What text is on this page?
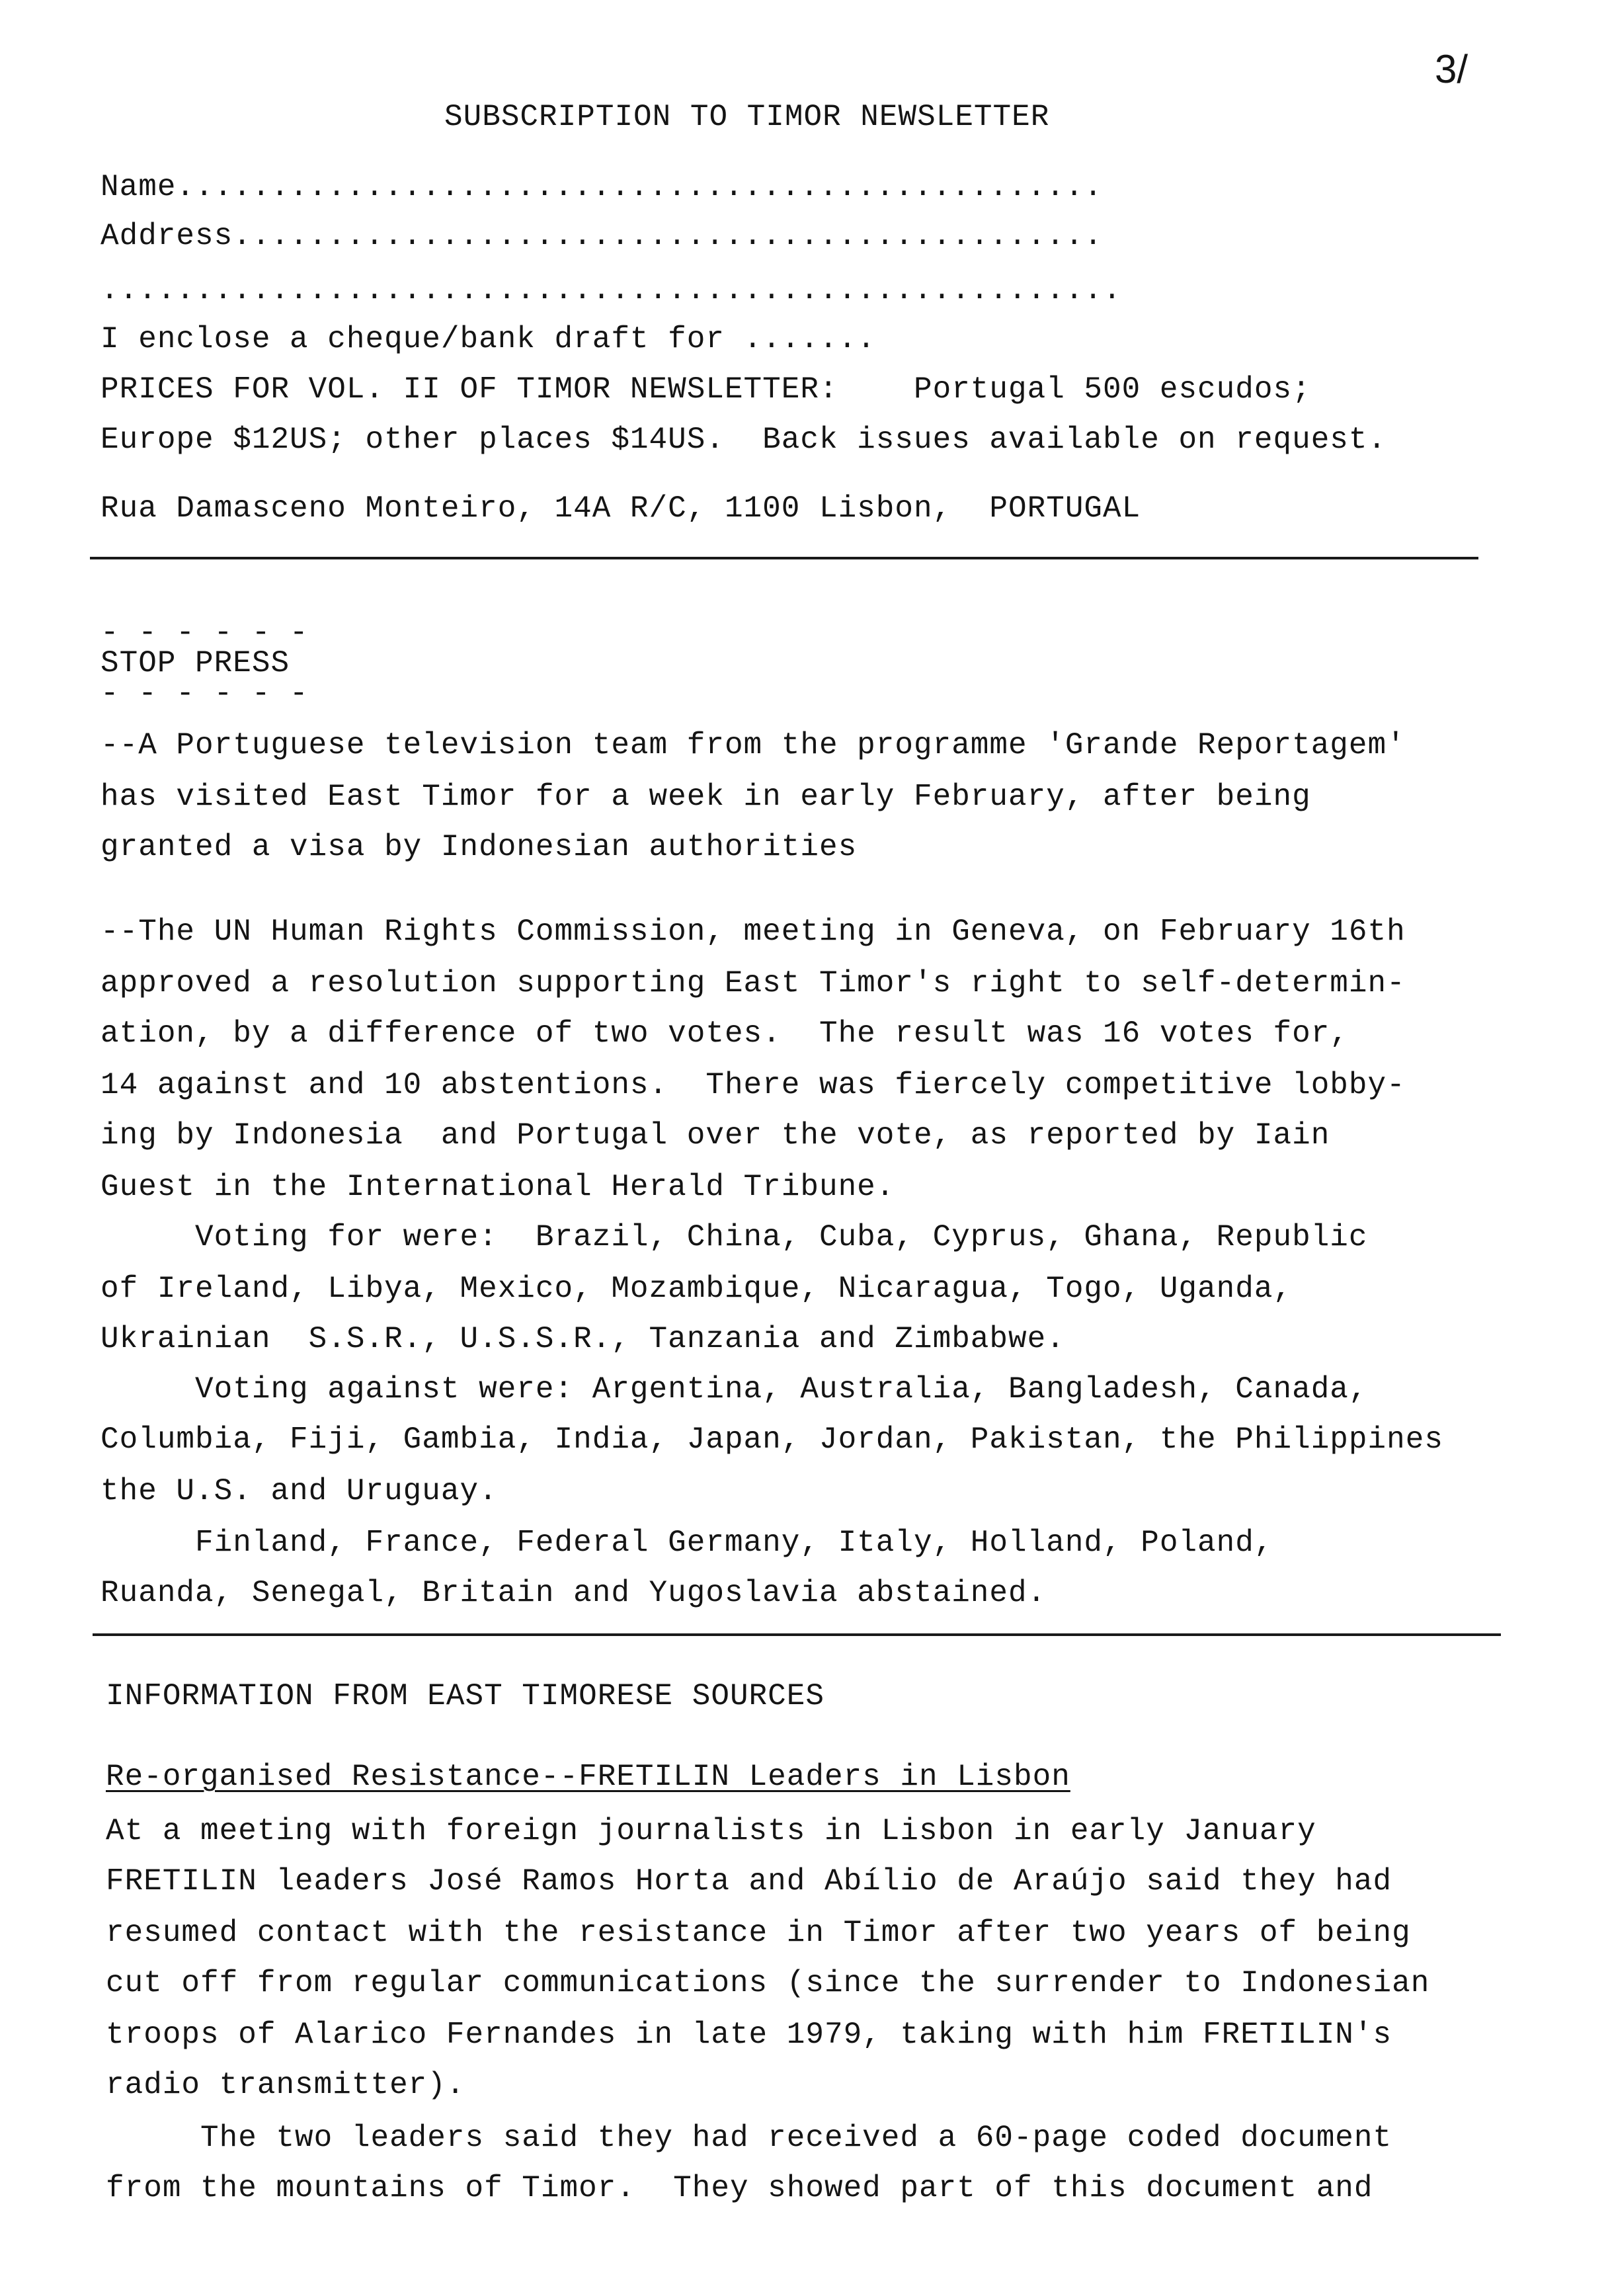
3/
SUBSCRIPTION TO TIMOR NEWSLETTER
Name.................................................
Address..............................................
......................................................
I enclose a cheque/bank draft for .......
PRICES FOR VOL. II OF TIMOR NEWSLETTER:    Portugal 500 escudos;
Europe $12US; other places $14US.  Back issues available on request.
Rua Damasceno Monteiro, 14A R/C, 1100 Lisbon,  PORTUGAL
- - - - - -
STOP PRESS
- - - - - -
--A Portuguese television team from the programme 'Grande Reportagem'
has visited East Timor for a week in early February, after being
granted a visa by Indonesian authorities
--The UN Human Rights Commission, meeting in Geneva, on February 16th
approved a resolution supporting East Timor's right to self-determin-
ation, by a difference of two votes.  The result was 16 votes for,
14 against and 10 abstentions.  There was fiercely competitive lobby-
ing by Indonesia  and Portugal over the vote, as reported by Iain
Guest in the International Herald Tribune.
Voting for were:  Brazil, China, Cuba, Cyprus, Ghana, Republic
of Ireland, Libya, Mexico, Mozambique, Nicaragua, Togo, Uganda,
Ukrainian  S.S.R., U.S.S.R., Tanzania and Zimbabwe.
Voting against were: Argentina, Australia, Bangladesh, Canada,
Columbia, Fiji, Gambia, India, Japan, Jordan, Pakistan, the Philippines
the U.S. and Uruguay.
Finland, France, Federal Germany, Italy, Holland, Poland,
Ruanda, Senegal, Britain and Yugoslavia abstained.
INFORMATION FROM EAST TIMORESE SOURCES
Re-organised Resistance--FRETILIN Leaders in Lisbon
At a meeting with foreign journalists in Lisbon in early January
FRETILIN leaders José Ramos Horta and Abílio de Araújo said they had
resumed contact with the resistance in Timor after two years of being
cut off from regular communications (since the surrender to Indonesian
troops of Alarico Fernandes in late 1979, taking with him FRETILIN's
radio transmitter).
The two leaders said they had received a 60-page coded document
from the mountains of Timor.  They showed part of this document and
